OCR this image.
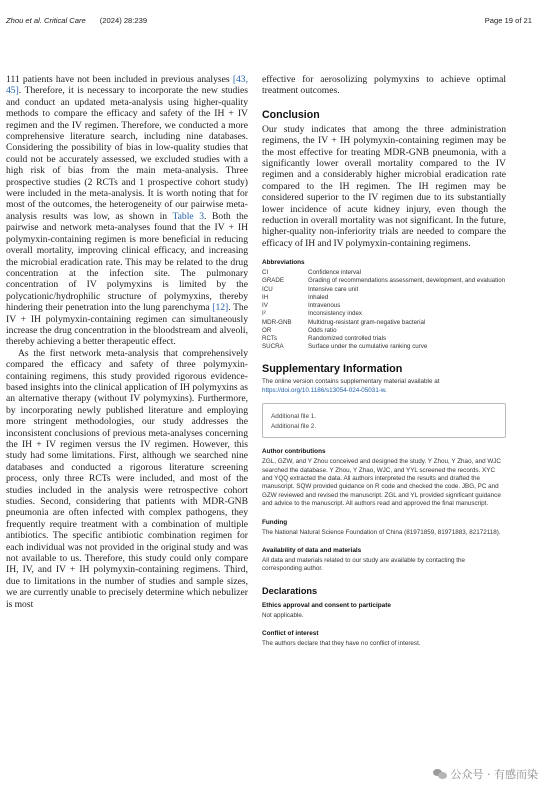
Zhou et al. Critical Care (2024) 28:239	Page 19 of 21

111 patients have not been included in previous analyses [43, 45]. Therefore, it is necessary to incorporate the new studies and conduct an updated meta-analysis using higher-quality methods to compare the efficacy and safety of the IH + IV regimen and the IV regimen. Therefore, we conducted a more comprehensive literature search, including nine databases. Considering the possibility of bias in low-quality studies that could not be accurately assessed, we excluded studies with a high risk of bias from the main meta-analysis. Three prospective studies (2 RCTs and 1 prospective cohort study) were included in the meta-analysis. It is worth noting that for most of the outcomes, the heterogeneity of our pairwise meta-analysis results was low, as shown in Table 3. Both the pairwise and network meta-analyses found that the IV + IH polymyxin-containing regimen is more beneficial in reducing overall mortality, improving clinical efficacy, and increasing the microbial eradication rate. This may be related to the drug concentration at the infection site. The pulmonary concentration of IV polymyxins is limited by the polycationic/hydrophilic structure of polymyxins, thereby hindering their penetration into the lung parenchyma [12]. The IV + IH polymyxin-containing regimen can simultaneously increase the drug concentration in the bloodstream and alveoli, thereby achieving a better therapeutic effect.

As the first network meta-analysis that comprehensively compared the efficacy and safety of three polymyxin-containing regimens, this study provided rigorous evidence-based insights into the clinical application of IH polymyxins as an alternative therapy (without IV polymyxins). Furthermore, by incorporating newly published literature and employing more stringent methodologies, our study addresses the inconsistent conclusions of previous meta-analyses concerning the IH + IV regimen versus the IV regimen. However, this study had some limitations. First, although we searched nine databases and conducted a rigorous literature screening process, only three RCTs were included, and most of the studies included in the analysis were retrospective cohort studies. Second, considering that patients with MDR-GNB pneumonia are often infected with complex pathogens, they frequently require treatment with a combination of multiple antibiotics. The specific antibiotic combination regimen for each individual was not provided in the original study and was not available to us. Therefore, this study could only compare IH, IV, and IV + IH polymyxin-containing regimens. Third, due to limitations in the number of studies and sample sizes, we are currently unable to precisely determine which nebulizer is most

effective for aerosolizing polymyxins to achieve optimal treatment outcomes.

Conclusion

Our study indicates that among the three administration regimens, the IV + IH polymyxin-containing regimen may be the most effective for treating MDR-GNB pneumonia, with a significantly lower overall mortality compared to the IV regimen and a considerably higher microbial eradication rate compared to the IH regimen. The IH regimen may be considered superior to the IV regimen due to its substantially lower incidence of acute kidney injury, even though the reduction in overall mortality was not significant. In the future, higher-quality non-inferiority trials are needed to compare the efficacy of IH and IV polymyxin-containing regimens.

Abbreviations
CI	Confidence interval
GRADE	Grading of recommendations assessment, development, and evaluation
ICU	Intensive care unit
IH	Inhaled
IV	Intravenous
I²	Inconsistency index
MDR-GNB	Multidrug-resistant gram-negative bacterial
OR	Odds ratio
RCTs	Randomized controlled trials
SUCRA	Surface under the cumulative ranking curve
Supplementary Information

The online version contains supplementary material available at https://doi.org/10.1186/s13054-024-05031-w.

Additional file 1.
Additional file 2.
Author contributions

ZGL, GZW, and Y Zhou conceived and designed the study. Y Zhou, Y Zhao, and WJC searched the database. Y Zhou, Y Zhao, WJC, and YYL screened the records. XYC and YQQ extracted the data. All authors interpreted the results and drafted the manuscript. SQW provided guidance on R code and checked the code. JBG, PC and GZW reviewed and revised the manuscript. ZGL and YL provided significant guidance and advice to the manuscript. All authors read and approved the final manuscript.

Funding

The National Natural Science Foundation of China (81971859, 81971883, 82172118).

Availability of data and materials

All data and materials related to our study are available by contacting the corresponding author.

Declarations
Ethics approval and consent to participate

Not applicable.

Conflict of interest

The authors declare that they have no conflict of interest.

公众号 · 有感而染
